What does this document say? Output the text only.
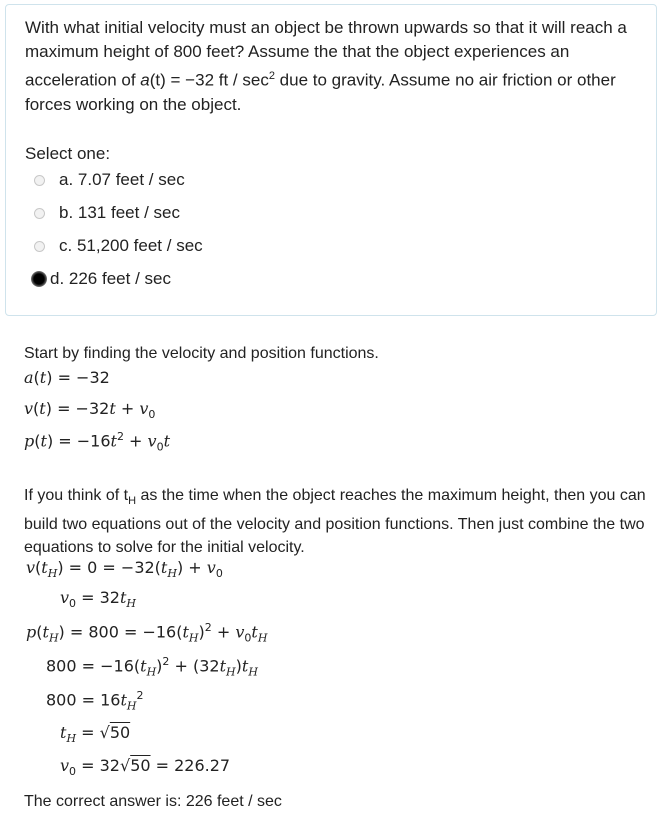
With what initial velocity must an object be thrown upwards so that it will reach a maximum height of 800 feet? Assume the that the object experiences an acceleration of a(t) = −32 ft / $\sec^2$ due to gravity. Assume no air friction or other forces working on the object.

Select one:

a. 7.07 feet / sec
b. 131 feet / sec
c. 51,200 feet / sec
d. 226 feet / sec

Start by finding the velocity and position functions.

a(t) = −32
$v(t) = -32t + v_0$
$p(t) = -16t^2 + v_0t$

If you think of $t_H$ as the time when the object reaches the maximum height, then you can build two equations out of the velocity and position functions. Then just combine the two equations to solve for the initial velocity.

$v(t_H) = 0 = -32(t_H) + v_0$
$v_0 = 32t_H$
$p(t_H) = 800 = -16(t_H)^2 + v_0t_H$
$800 = -16(t_H)^2 + (32t_H)t_H$
$800 = 16t_H^2$
$t_H = √50$
$v_0 = 32√50 = 226.27$

The correct answer is: 226 feet / sec
